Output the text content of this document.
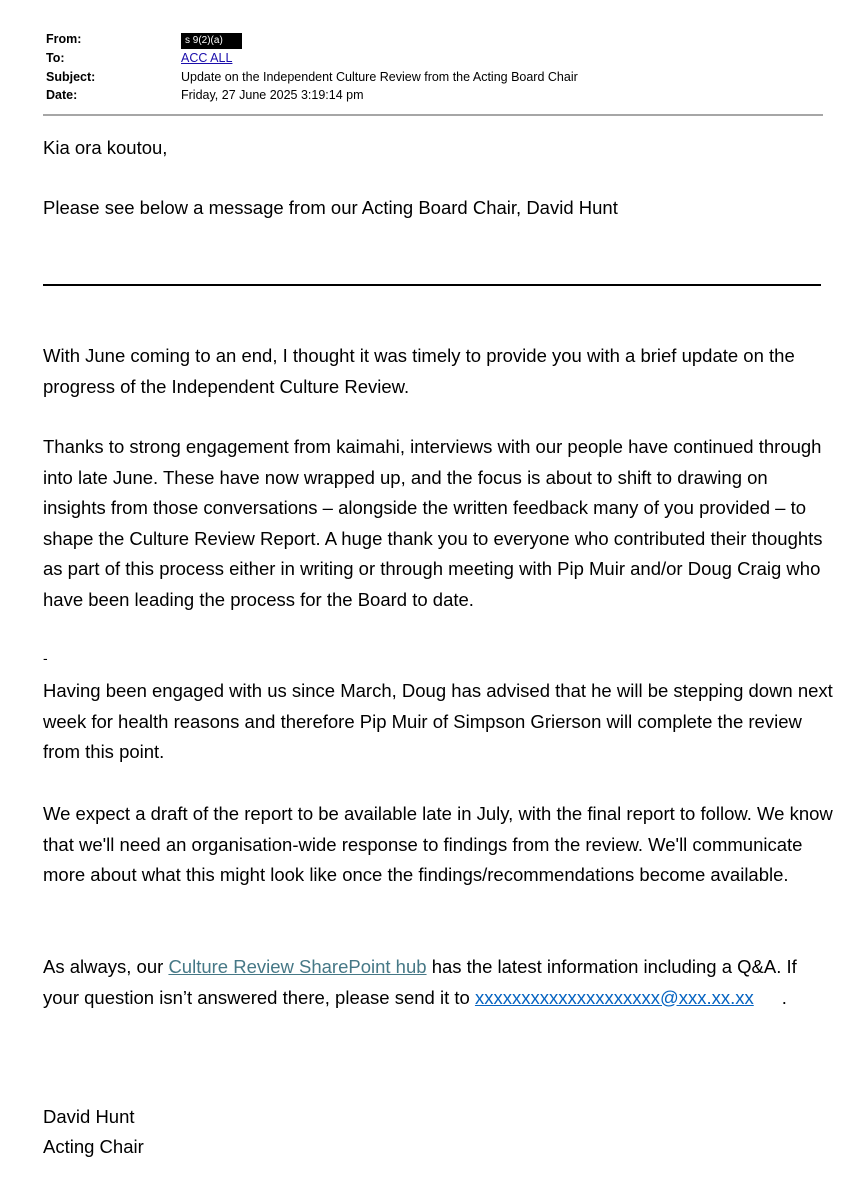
From:	s 9(2)(a)
To:	ACC ALL
Subject:	Update on the Independent Culture Review from the Acting Board Chair
Date:	Friday, 27 June 2025 3:19:14 pm

Kia ora koutou,

Please see below a message from our Acting Board Chair, David Hunt

With June coming to an end, I thought it was timely to provide you with a brief update on the progress of the Independent Culture Review.

Thanks to strong engagement from kaimahi, interviews with our people have continued through into late June. These have now wrapped up, and the focus is about to shift to drawing on insights from those conversations – alongside the written feedback many of you provided – to shape the Culture Review Report. A huge thank you to everyone who contributed their thoughts as part of this process either in writing or through meeting with Pip Muir and/or Doug Craig who have been leading the process for the Board to date.

-

Having been engaged with us since March, Doug has advised that he will be stepping down next week for health reasons and therefore Pip Muir of Simpson Grierson will complete the review from this point.

We expect a draft of the report to be available late in July, with the final report to follow. We know that we'll need an organisation-wide response to findings from the review. We'll communicate more about what this might look like once the findings/recommendations become available.

As always, our Culture Review SharePoint hub has the latest information including a Q&A. If your question isn’t answered there, please send it to xxxxxxxxxxxxxxxxxxxx@xxx.xx.xx .

David Hunt

Acting Chair
